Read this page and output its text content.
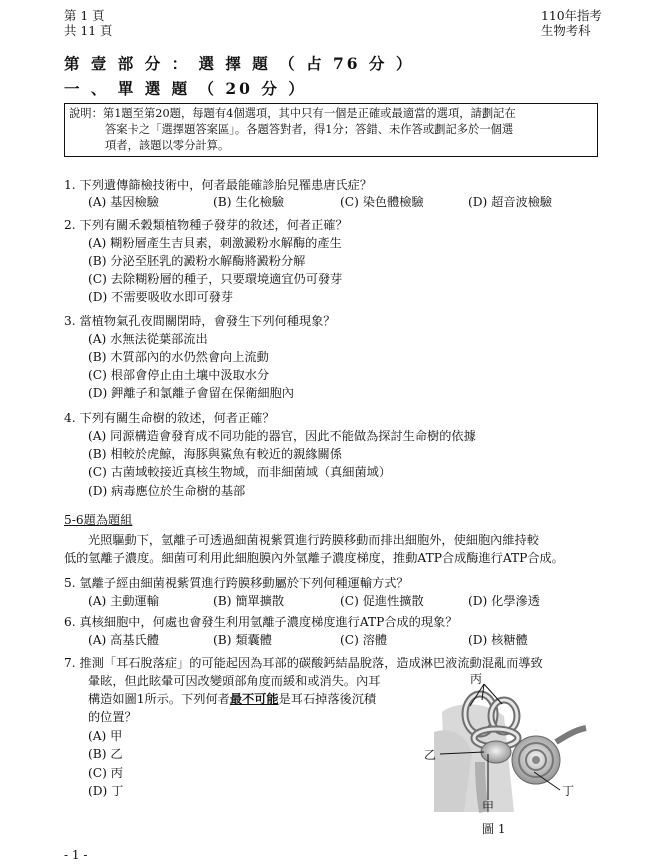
第 1 頁
共 11 頁
110年指考
生物考科
第 壹 部 分 ： 選 擇 題 （ 占 76 分 ）
一 、 單 選 題 （ 20 分 ）
說明：第1題至第20題，每題有4個選項，其中只有一個是正確或最適當的選項，請劃記在
答案卡之「選擇題答案區」。各題答對者，得1分；答錯、未作答或劃記多於一個選
項者，該題以零分計算。
1. 下列遺傳篩檢技術中，何者最能確診胎兒罹患唐氏症？
(A) 基因檢驗	(B) 生化檢驗	(C) 染色體檢驗	(D) 超音波檢驗
2. 下列有關禾穀類植物種子發芽的敘述，何者正確？
(A) 糊粉層產生吉貝素，刺激澱粉水解酶的產生
(B) 分泌至胚乳的澱粉水解酶將澱粉分解
(C) 去除糊粉層的種子，只要環境適宜仍可發芽
(D) 不需要吸收水即可發芽
3. 當植物氣孔夜間關閉時，會發生下列何種現象？
(A) 水無法從葉部流出
(B) 木質部內的水仍然會向上流動
(C) 根部會停止由土壤中汲取水分
(D) 鉀離子和氯離子會留在保衛細胞內
4. 下列有關生命樹的敘述，何者正確？
(A) 同源構造會發育成不同功能的器官，因此不能做為探討生命樹的依據
(B) 相較於虎鯨，海豚與鯊魚有較近的親緣關係
(C) 古菌域較接近真核生物域，而非細菌域（真細菌域）
(D) 病毒應位於生命樹的基部
5-6題為題組
光照驅動下，氫離子可透過細菌視紫質進行跨膜移動而排出細胞外，使細胞內維持較
低的氫離子濃度。細菌可利用此細胞膜內外氫離子濃度梯度，推動ATP合成酶進行ATP合成。
5. 氫離子經由細菌視紫質進行跨膜移動屬於下列何種運輸方式？
(A) 主動運輸	(B) 簡單擴散	(C) 促進性擴散	(D) 化學滲透
6. 真核細胞中，何處也會發生利用氫離子濃度梯度進行ATP合成的現象？
(A) 高基氏體	(B) 類囊體	(C) 溶體	(D) 核糖體
7. 推測「耳石脫落症」的可能起因為耳部的碳酸鈣結晶脫落，造成淋巴液流動混亂而導致
暈眩，但此眩暈可因改變頭部角度而緩和或消失。內耳
構造如圖1所示。下列何者最不可能是耳石掉落後沉積
的位置？
(A) 甲
(B) 乙
(C) 丙
(D) 丁
丙
乙
丁
甲
圖 1
- 1 -
